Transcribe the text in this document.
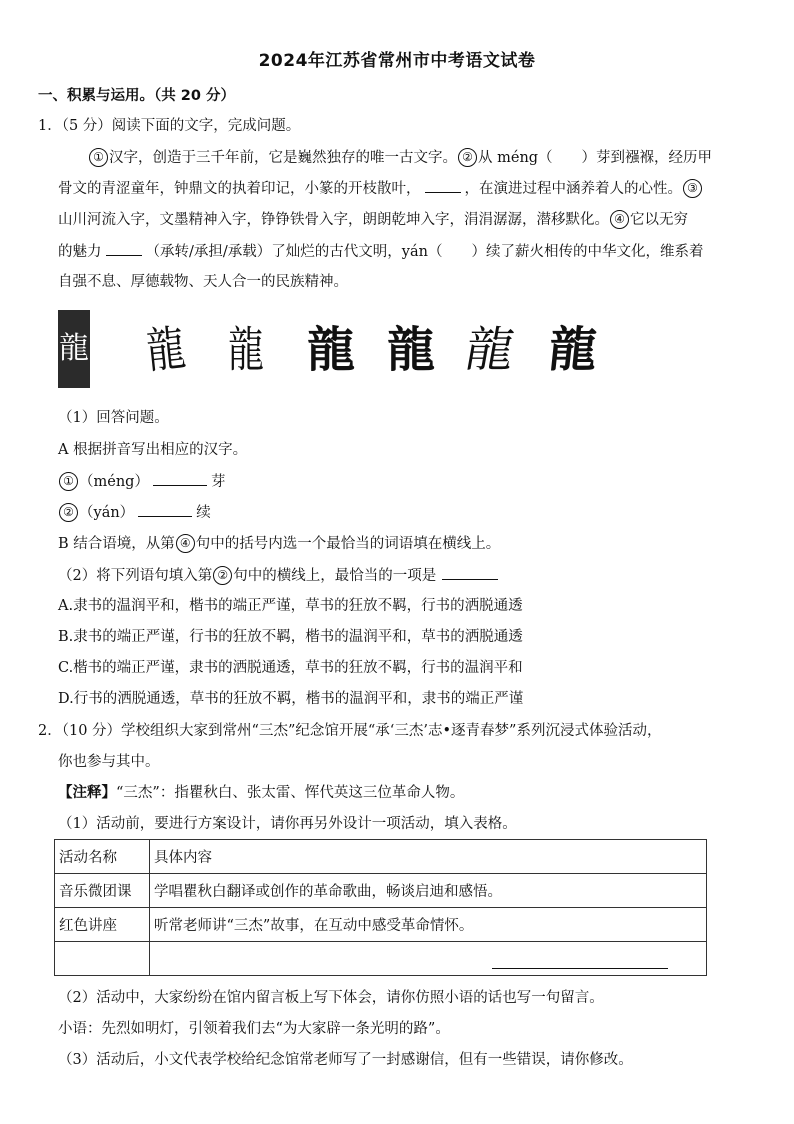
2024年江苏省常州市中考语文试卷
一、积累与运用。（共 20 分）
1．（5 分）阅读下面的文字，完成问题。
① 汉字，创造于三千年前，它是巍然独存的唯一古文字。 ② 从 méng（　　）芽到襁褓，经历甲
骨文的青涩童年，钟鼎文的执着印记，小篆的开枝散叶，	，在演进过程中涵养着人的心性。 ③
山川河流入字，文墨精神入字，铮铮铁骨入字，朗朗乾坤入字，涓涓潺潺，潜移默化。 ④ 它以无穷
的魅力	（承转/承担/承载）了灿烂的古代文明，yán（　　）续了薪火相传的中华文化，维系着
自强不息、厚德载物、天人合一的民族精神。
龍 龍 龍 龍 龍 龍 龍
（1）回答问题。
A 根据拼音写出相应的汉字。
① （méng）	芽
② （yán）	续
B 结合语境，从第 ④ 句中的括号内选一个最恰当的词语填在横线上。
（2）将下列语句填入第 ② 句中的横线上，最恰当的一项是
A.隶书的温润平和，楷书的端正严谨，草书的狂放不羁，行书的洒脱通透
B.隶书的端正严谨，行书的狂放不羁，楷书的温润平和，草书的洒脱通透
C.楷书的端正严谨，隶书的洒脱通透，草书的狂放不羁，行书的温润平和
D.行书的洒脱通透，草书的狂放不羁，楷书的温润平和，隶书的端正严谨
2．（10 分）学校组织大家到常州“三杰”纪念馆开展“承‘三杰’志•逐青春梦”系列沉浸式体验活动，
你也参与其中。
【注释】“三杰”：指瞿秋白、张太雷、恽代英这三位革命人物。
（1）活动前，要进行方案设计，请你再另外设计一项活动，填入表格。
活动名称	具体内容
音乐微团课	学唱瞿秋白翻译或创作的革命歌曲，畅谈启迪和感悟。
红色讲座	听常老师讲“三杰”故事，在互动中感受革命情怀。

（2）活动中，大家纷纷在馆内留言板上写下体会，请你仿照小语的话也写一句留言。
小语：先烈如明灯，引领着我们去“为大家辟一条光明的路”。
（3）活动后，小文代表学校给纪念馆常老师写了一封感谢信，但有一些错误，请你修改。
